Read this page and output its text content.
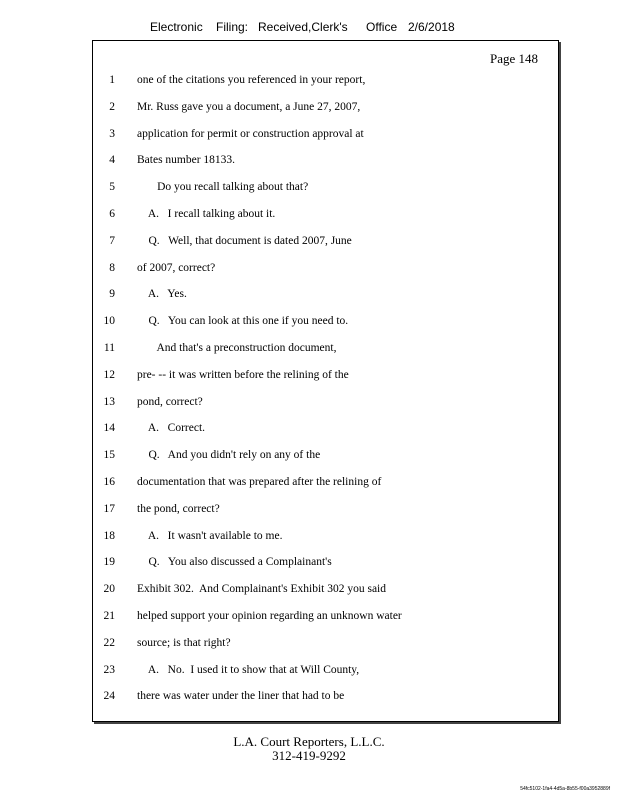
Electronic Filing: Received,Clerk's Office 2/6/2018
Page 148
1 one of the citations you referenced in your report,
2 Mr. Russ gave you a document, a June 27, 2007,
3 application for permit or construction approval at
4 Bates number 18133.
5 Do you recall talking about that?
6 A.   I recall talking about it.
7 Q.   Well, that document is dated 2007, June
8 of 2007, correct?
9 A.   Yes.
10 Q.   You can look at this one if you need to.
11 And that's a preconstruction document,
12 pre- -- it was written before the relining of the
13 pond, correct?
14 A.   Correct.
15 Q.   And you didn't rely on any of the
16 documentation that was prepared after the relining of
17 the pond, correct?
18 A.   It wasn't available to me.
19 Q.   You also discussed a Complainant's
20 Exhibit 302.  And Complainant's Exhibit 302 you said
21 helped support your opinion regarding an unknown water
22 source; is that right?
23 A.   No.  I used it to show that at Will County,
24 there was water under the liner that had to be
L.A. Court Reporters, L.L.C.
312-419-9292
54fc5102-1fa4-4d5a-8b55-f00a3952889f
